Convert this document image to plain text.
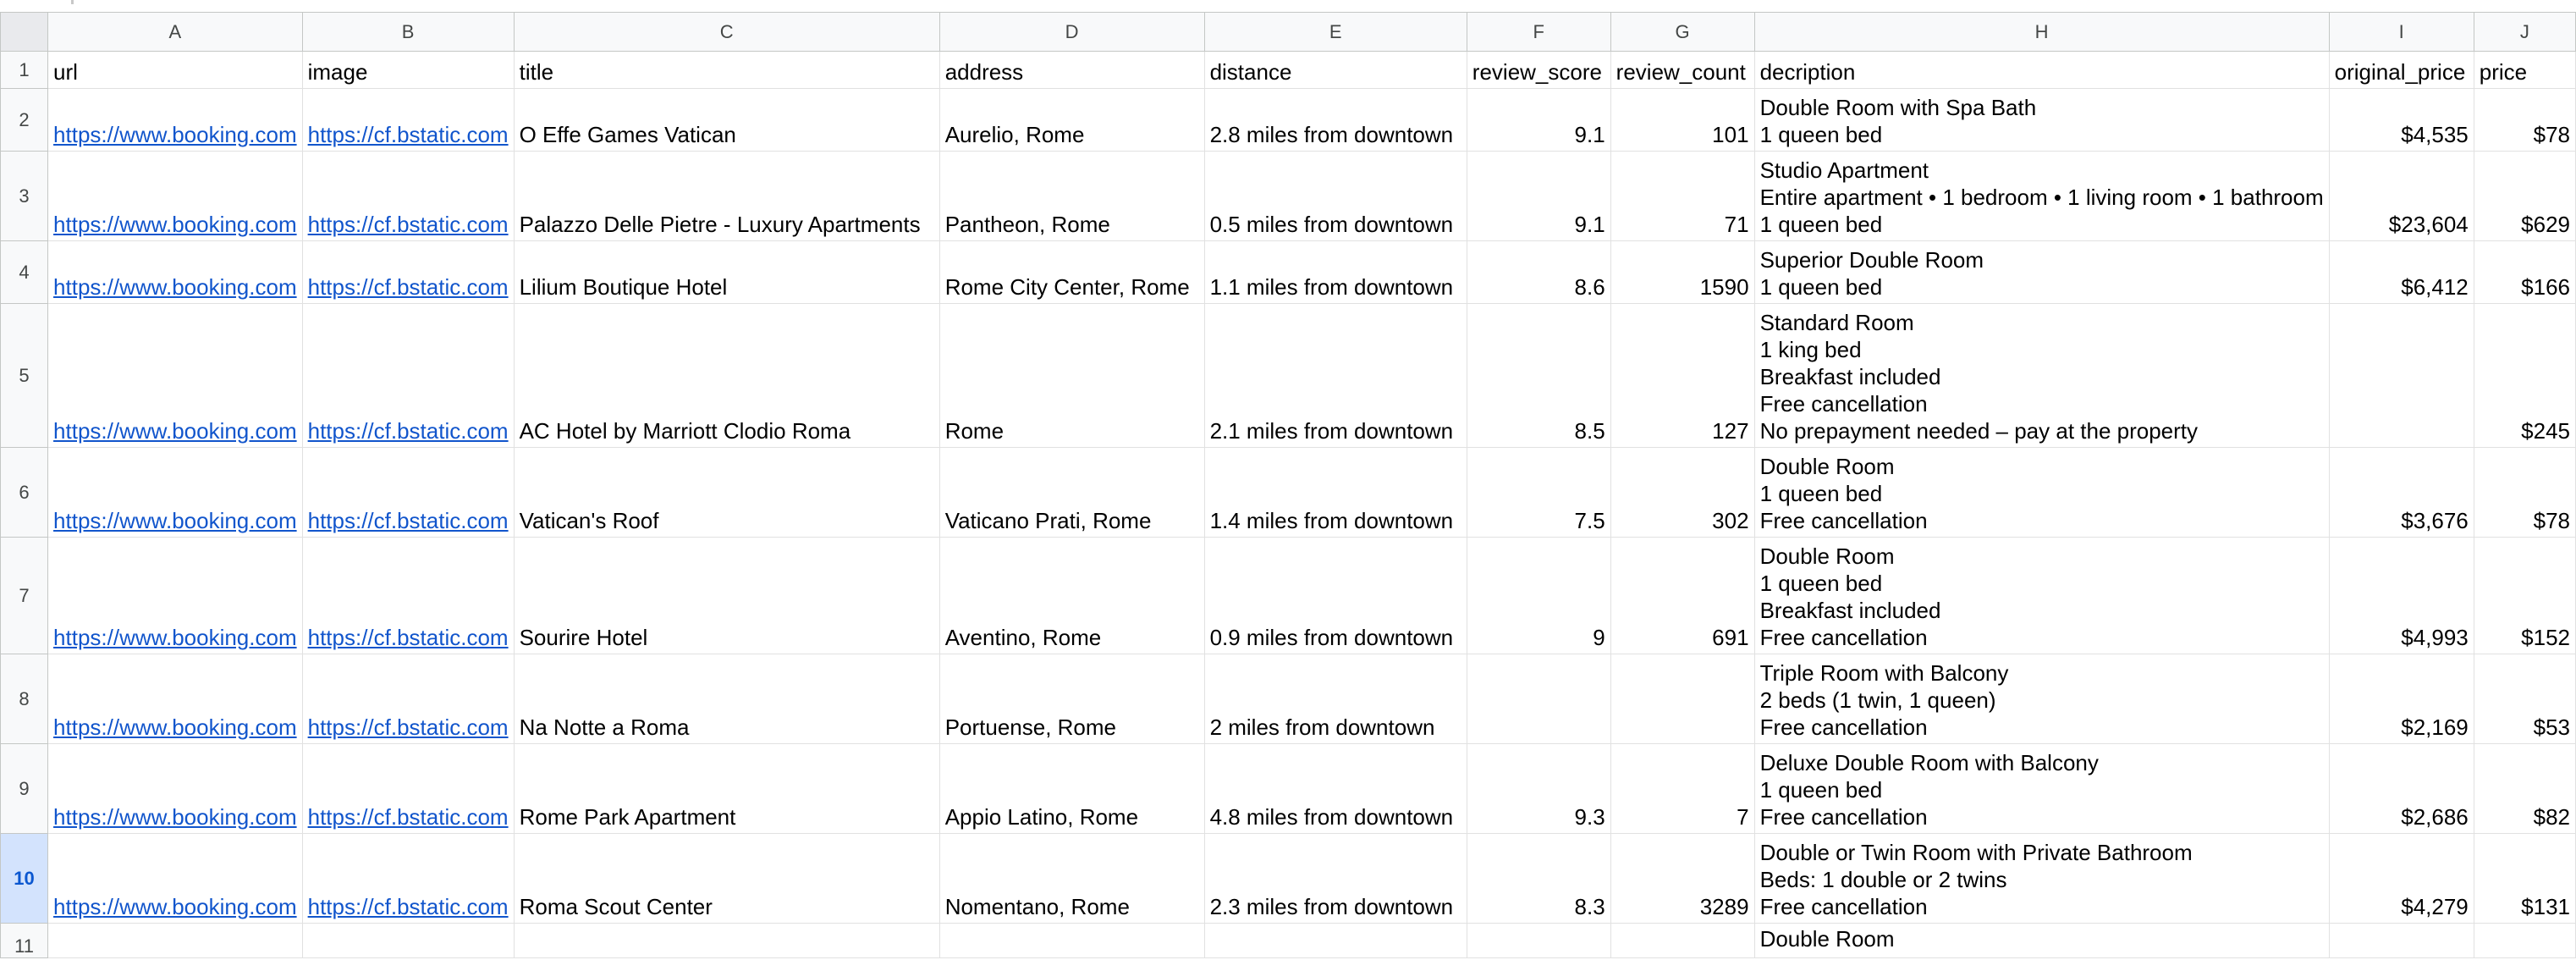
	A	B	C	D	E	F	G	H	I	J
1	url	image	title	address	distance	review_score	review_count	decription	original_price	price
2	https://www.booking.com	https://cf.bstatic.com	O Effe Games Vatican	Aurelio, Rome	2.8 miles from downtown	9.1	101	Double Room with Spa Bath
1 queen bed	$4,535	$78
3	https://www.booking.com	https://cf.bstatic.com	Palazzo Delle Pietre - Luxury Apartments	Pantheon, Rome	0.5 miles from downtown	9.1	71	Studio Apartment
Entire apartment • 1 bedroom • 1 living room • 1 bathroom
1 queen bed	$23,604	$629
4	https://www.booking.com	https://cf.bstatic.com	Lilium Boutique Hotel	Rome City Center, Rome	1.1 miles from downtown	8.6	1590	Superior Double Room
1 queen bed	$6,412	$166
5	https://www.booking.com	https://cf.bstatic.com	AC Hotel by Marriott Clodio Roma	Rome	2.1 miles from downtown	8.5	127	Standard Room
1 king bed
Breakfast included
Free cancellation
No prepayment needed – pay at the property		$245
6	https://www.booking.com	https://cf.bstatic.com	Vatican's Roof	Vaticano Prati, Rome	1.4 miles from downtown	7.5	302	Double Room
1 queen bed
Free cancellation	$3,676	$78
7	https://www.booking.com	https://cf.bstatic.com	Sourire Hotel	Aventino, Rome	0.9 miles from downtown	9	691	Double Room
1 queen bed
Breakfast included
Free cancellation	$4,993	$152
8	https://www.booking.com	https://cf.bstatic.com	Na Notte a Roma	Portuense, Rome	2 miles from downtown			Triple Room with Balcony
2 beds (1 twin, 1 queen)
Free cancellation	$2,169	$53
9	https://www.booking.com	https://cf.bstatic.com	Rome Park Apartment	Appio Latino, Rome	4.8 miles from downtown	9.3	7	Deluxe Double Room with Balcony
1 queen bed
Free cancellation	$2,686	$82
10	https://www.booking.com	https://cf.bstatic.com	Roma Scout Center	Nomentano, Rome	2.3 miles from downtown	8.3	3289	Double or Twin Room with Private Bathroom
Beds: 1 double or 2 twins
Free cancellation	$4,279	$131
11								Double Room		
